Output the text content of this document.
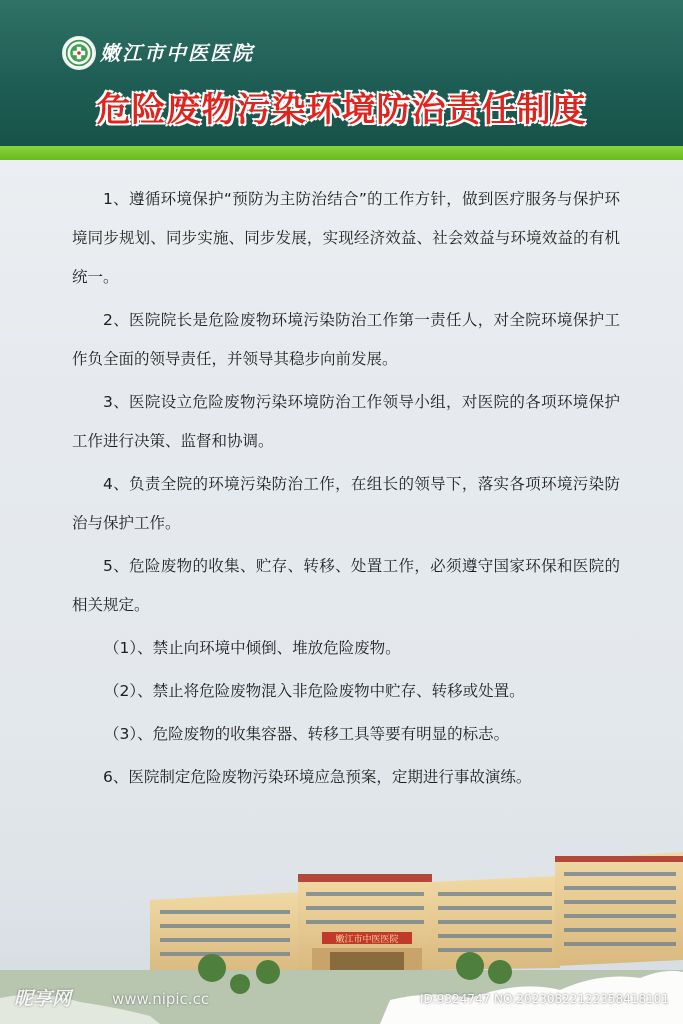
嫩江市中医医院
危险废物污染环境防治责任制度

1、遵循环境保护“预防为主防治结合”的工作方针，做到医疗服务与保护环境同步规划、同步实施、同步发展，实现经济效益、社会效益与环境效益的有机统一。

2、医院院长是危险废物环境污染防治工作第一责任人，对全院环境保护工作负全面的领导责任，并领导其稳步向前发展。

3、医院设立危险废物污染环境防治工作领导小组，对医院的各项环境保护工作进行决策、监督和协调。

4、负责全院的环境污染防治工作，在组长的领导下，落实各项环境污染防治与保护工作。

5、危险废物的收集、贮存、转移、处置工作，必须遵守国家环保和医院的相关规定。

（1）、禁止向环境中倾倒、堆放危险废物。

（2）、禁止将危险废物混入非危险废物中贮存、转移或处置。

（3）、危险废物的收集容器、转移工具等要有明显的标志。

6、医院制定危险废物污染环境应急预案，定期进行事故演练。

嫩江市中医医院
昵享网	www.nipic.cc	ID:9324747 NO:20230822122358418101
